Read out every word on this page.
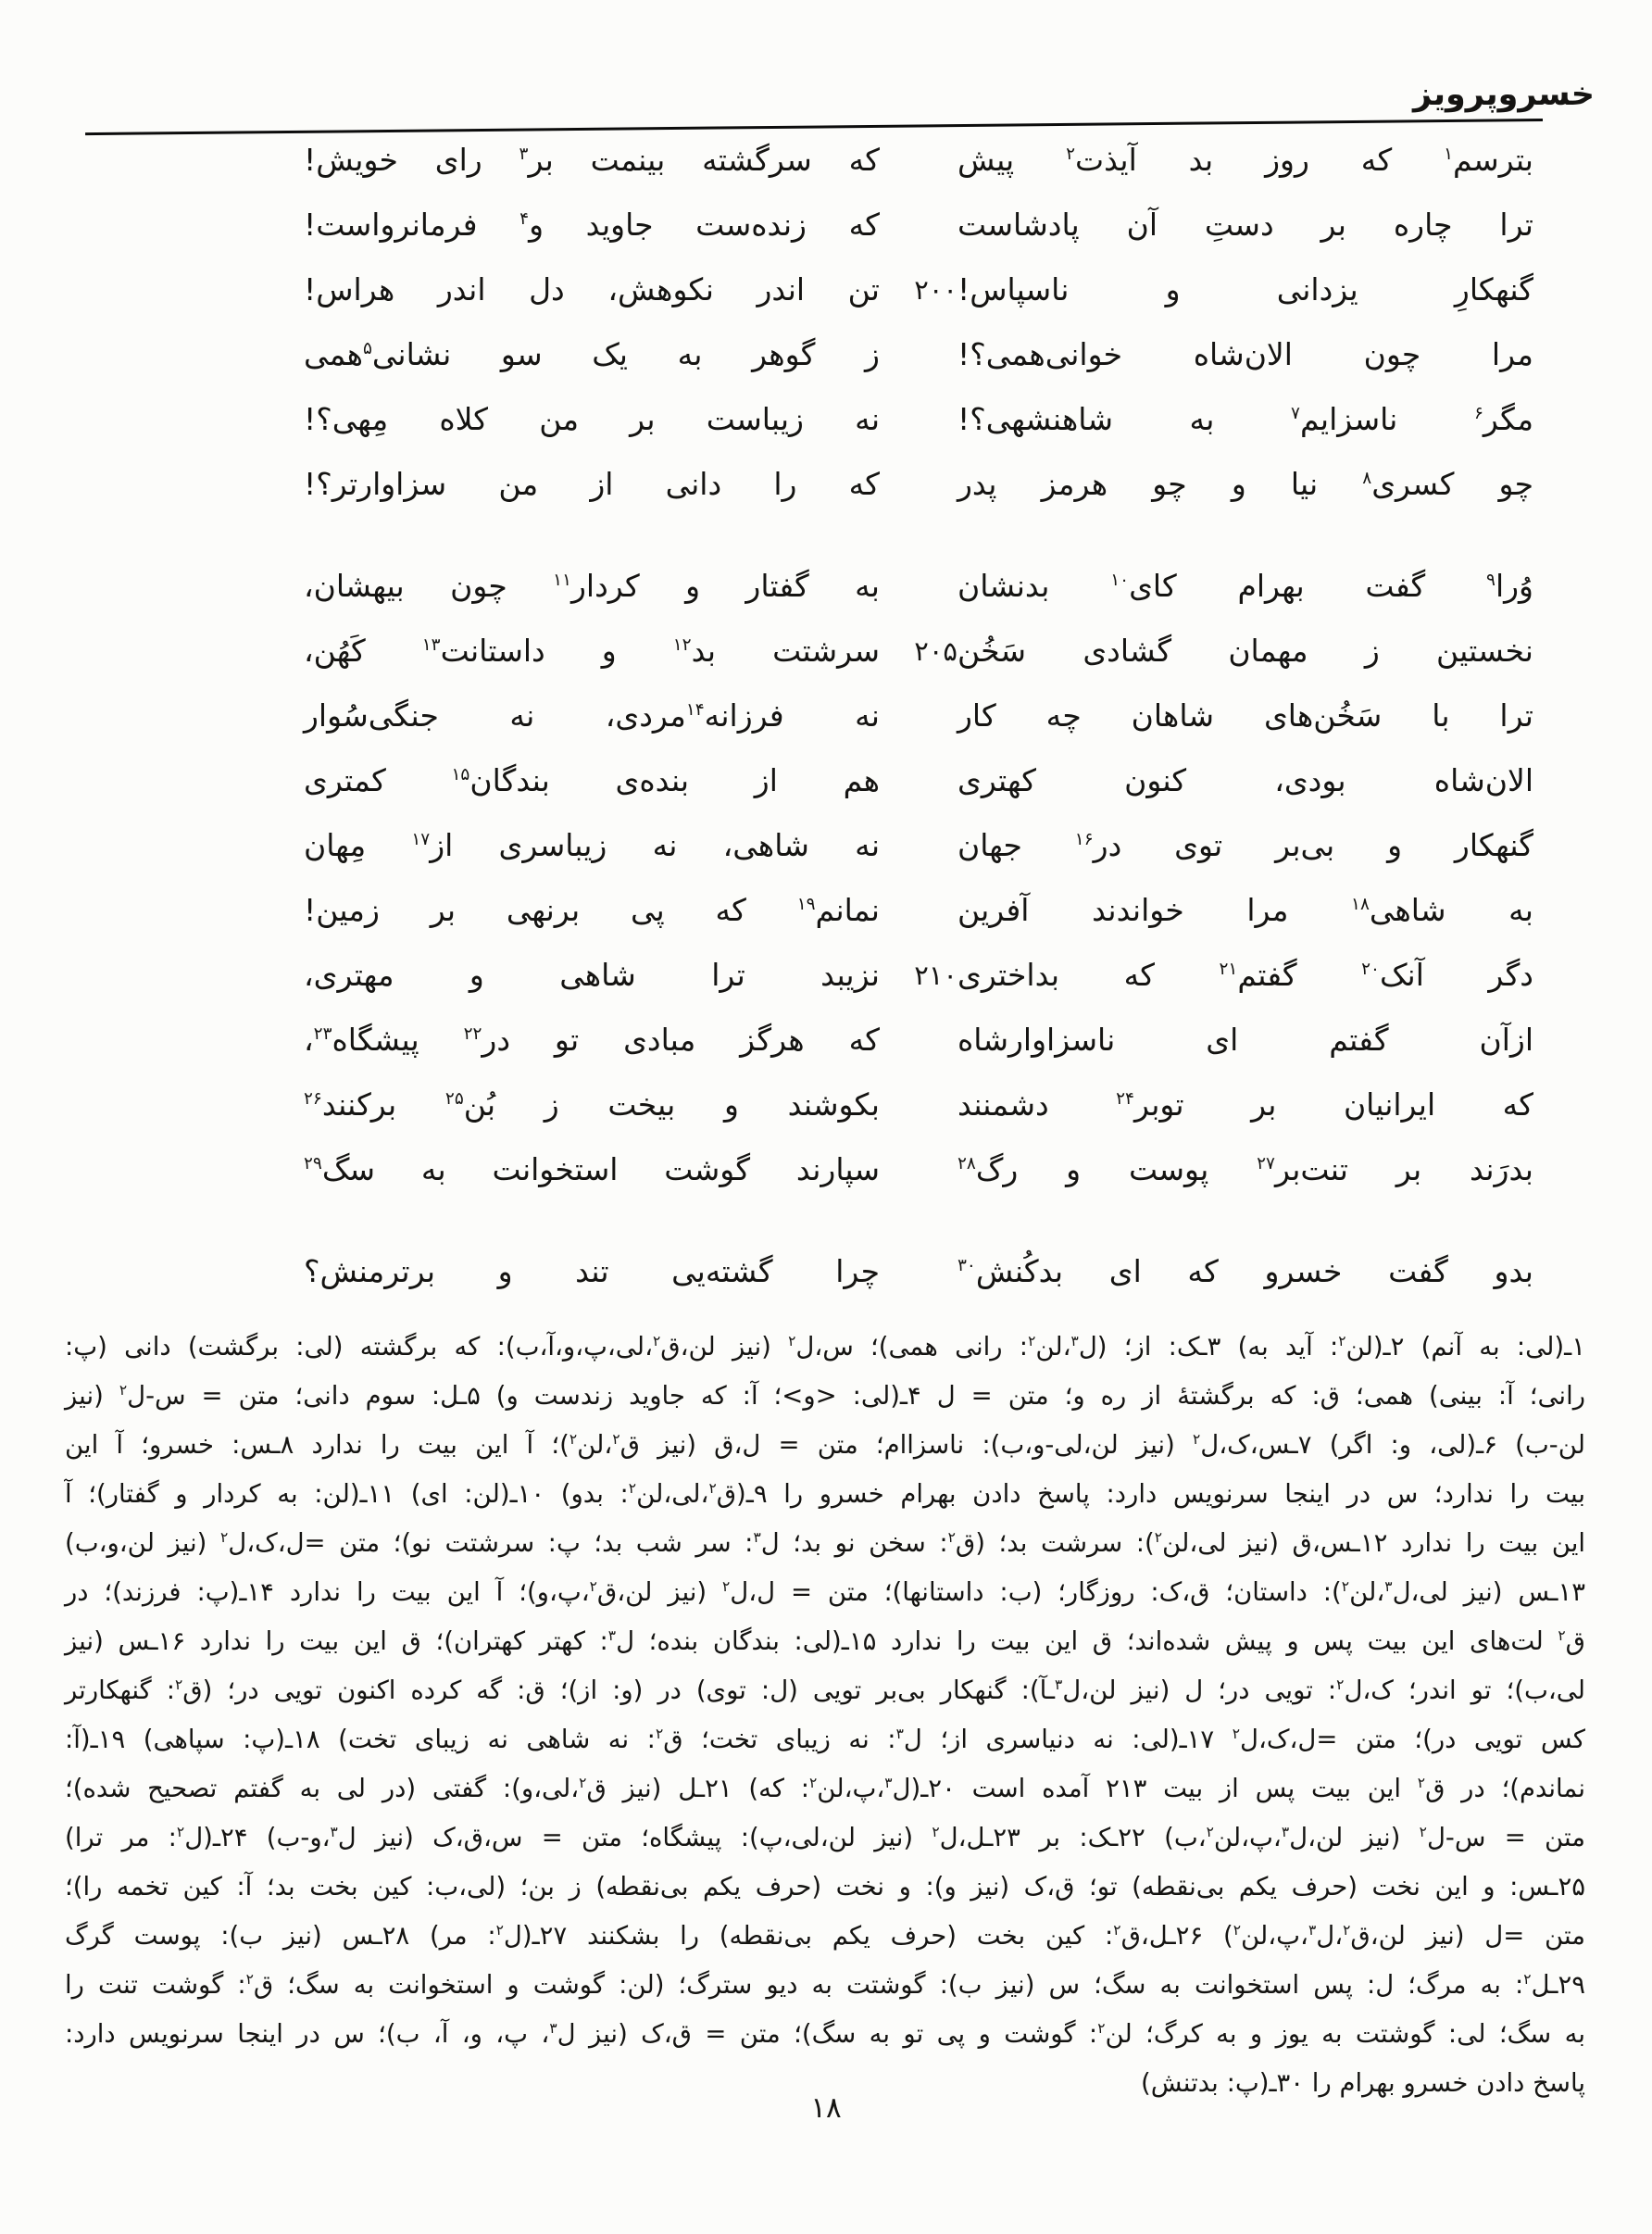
خسروپرویز
بترسم$^۱$ که روز بد آیذت$^۲$ پیش
که سرگشته بینمت بر$^۳$ رای خویش!
ترا چاره بر دستِ آن پادشاست
که زنده‌ست جاوید و$^۴$ فرمانرواست!
گنهکارِ یزدانی و ناسپاس!
۲۰۰
تن اندر نکوهش، دل اندر هراس!
مرا چون الان‌شاه خوانی‌همی؟!
ز گوهر به یک سو نشانی$^۵$همی
مگر$^۶$ ناسزایم$^۷$ به شاهنشهی؟!
نه زیباست بر من کلاه مِهی؟!
چو کسری$^۸$ نیا و چو هرمز پدر
که را دانی از من سزاوارتر؟!
وُرا$^۹$ گفت بهرام کای$^{۱۰}$ بدنشان
به گفتار و کردار$^{۱۱}$ چون بیهشان،
نخستین ز مهمان گشادی سَخُن
۲۰۵
سرشتت بد$^{۱۲}$ و داستانت$^{۱۳}$ کَهُن،
ترا با سَخُن‌های شاهان چه کار
نه فرزانه$^{۱۴}$مردی، نه جنگی‌سُوار
الان‌شاه بودی، کنون کهتری
هم از بنده‌ی بندگان$^{۱۵}$ کمتری
گنهکار و بی‌بر توی در$^{۱۶}$ جهان
نه شاهی، نه زیباسری از$^{۱۷}$ مِهان
به شاهی$^{۱۸}$ مرا خواندند آفرین
نمانم$^{۱۹}$ که پی برنهی بر زمین!
دگر آنک$^{۲۰}$ گفتم$^{۲۱}$ که بداختری
۲۱۰
نزیبد ترا شاهی و مهتری،
ازآن گفتم ای ناسزاوارشاه
که هرگز مبادی تو در$^{۲۲}$ پیشگاه$^{۲۳}$،
که ایرانیان بر توبر$^{۲۴}$ دشمنند
بکوشند و بیخت ز بُن$^{۲۵}$ برکنند$^{۲۶}$
بدرَند بر تنت‌بر$^{۲۷}$ پوست و رگ$^{۲۸}$
سپارند گوشت استخوانت به سگ$^{۲۹}$
بدو گفت خسرو که ای بدکُنش$^{۳۰}$
چرا گشته‌یی تند و برترمنش؟
۱ـ(لی: به آنم) ۲ـ(لن$^۲$: آید به) ۳ـک: از؛ (ل$^۳$،لن$^۲$: رانی همی)؛ س،ل$^۲$ (نیز لن،ق$^۲$،لی،پ،و،آ،ب): که برگشته (لی: برگشت) دانی (پ:
رانی؛ آ: بینی) همی؛ ق: که برگشتهٔ از ره و؛ متن = ل ۴ـ(لی: <و>؛ آ: که جاوید زندست و) ۵ـل: سوم دانی؛ متن = س-ل$^۲$ (نیز
لن-ب) ۶ـ(لی، و: اگر) ۷ـس،ک،ل$^۲$ (نیز لن،لی-و،ب): ناسزاام؛ متن = ل،ق (نیز ق$^۲$،لن$^۲$)؛ آ این بیت را ندارد ۸ـس: خسرو؛ آ این
بیت را ندارد؛ س در اینجا سرنویس دارد: پاسخ دادن بهرام خسرو را ۹ـ(ق$^۲$،لی،لن$^۲$: بدو) ۱۰ـ(لن: ای) ۱۱ـ(لن: به کردار و گفتار)؛ آ
این بیت را ندارد ۱۲ـس،ق (نیز لی،لن$^۲$): سرشت بد؛ (ق$^۲$: سخن نو بد؛ ل$^۳$: سر شب بد؛ پ: سرشتت نو)؛ متن =ل،ک،ل$^۲$ (نیز لن،و،ب)
۱۳ـس (نیز لی،ل$^۳$،لن$^۲$): داستان؛ ق،ک: روزگار؛ (ب: داستانها)؛ متن = ل،ل$^۲$ (نیز لن،ق$^۲$،پ،و)؛ آ این بیت را ندارد ۱۴ـ(پ: فرزند)؛ در
ق$^۲$ لت‌های این بیت پس و پیش شده‌اند؛ ق این بیت را ندارد ۱۵ـ(لی: بندگان بنده؛ ل$^۳$: کهتر کهتران)؛ ق این بیت را ندارد ۱۶ـس (نیز
لی،ب)؛ تو اندر؛ ک،ل$^۲$: تویی در؛ ل (نیز لن،ل$^۳$ـآ): گنهکار بی‌بر تویی (ل: توی) در (و: از)؛ ق: گه کرده اکنون تویی در؛ (ق$^۲$: گنهکارتر
کس تویی در)؛ متن =ل،ک،ل$^۲$ ۱۷ـ(لی: نه دنیاسری از؛ ل$^۳$: نه زیبای تخت؛ ق$^۲$: نه شاهی نه زیبای تخت) ۱۸ـ(پ: سپاهی) ۱۹ـ(آ:
نماندم)؛ در ق$^۲$ این بیت پس از بیت ۲۱۳ آمده است ۲۰ـ(ل$^۳$،پ،لن$^۲$: که) ۲۱ـل (نیز ق$^۲$،لی،و): گفتی (در لی به گفتم تصحیح شده)؛
متن = س-ل$^۲$ (نیز لن،ل$^۳$،پ،لن$^۲$،ب) ۲۲ـک: بر ۲۳ـل،ل$^۲$ (نیز لن،لی،پ): پیشگاه؛ متن = س،ق،ک (نیز ل$^۳$،و-ب) ۲۴ـ(ل$^۲$: مر ترا)
۲۵ـس: و این نخت (حرف یکم بی‌نقطه) تو؛ ق،ک (نیز و): و نخت (حرف یکم بی‌نقطه) ز بن؛ (لی،ب: کین بخت بد؛ آ: کین تخمه را)؛
متن =ل (نیز لن،ق$^۲$،ل$^۳$،پ،لن$^۲$) ۲۶ـل،ق$^۲$: کین بخت (حرف یکم بی‌نقطه) را بشکنند ۲۷ـ(ل$^۲$: مر) ۲۸ـس (نیز ب): پوست گرگ
۲۹ـل$^۲$: به مرگ؛ ل: پس استخوانت به سگ؛ س (نیز ب): گوشتت به دیو سترگ؛ (لن: گوشت و استخوانت به سگ؛ ق$^۲$: گوشت تنت را
به سگ؛ لی: گوشتت به یوز و به کرگ؛ لن$^۲$: گوشت و پی تو به سگ)؛ متن = ق،ک (نیز ل$^۳$، پ، و، آ، ب)؛ س در اینجا سرنویس دارد:
پاسخ دادن خسرو بهرام را ۳۰ـ(پ: بدتنش)
۱۸
